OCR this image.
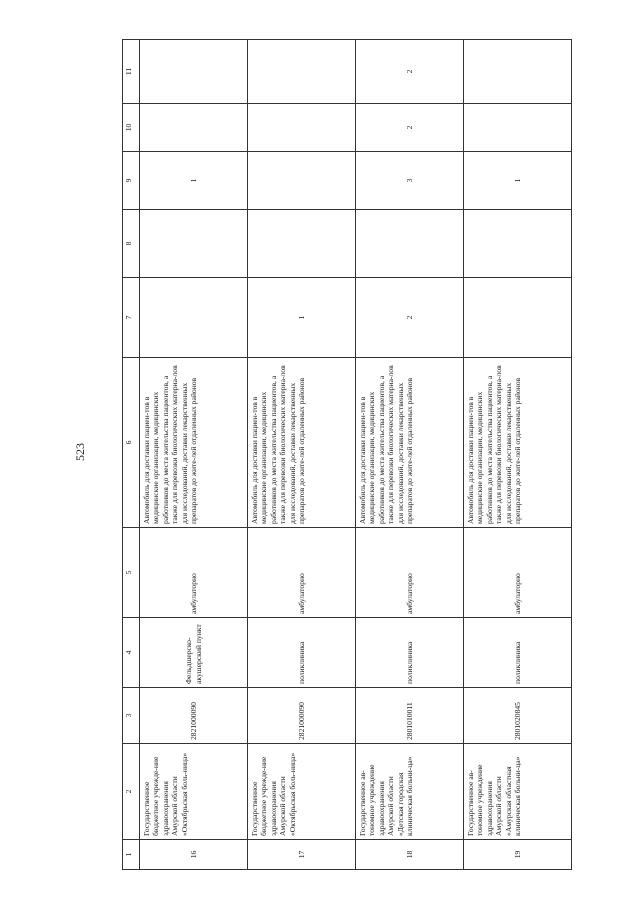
523
1	2	3	4	5	6	7	8	9	10	11
16	Государственное бюджетное учрежде-ние здравоохранения Амурской области «Октябрьская боль-ница»	2821000090	Фельдшерско-акушерский пункт	амбулаторно	Автомобиль для доставки пациен-тов в медицинские организации, медицинских работников до места жительства пациентов, а также для перевозки биологических материа-лов для исследований, доставки лекарственных препаратов до жите-лей отдаленных районов			1		
17	Государственное бюджетное учрежде-ние здравоохранения Амурской области «Октябрьская боль-ница»	2821000090	поликлиника	амбулаторно	Автомобиль для доставки пациен-тов в медицинские организации, медицинских работников до места жительства пациентов, а также для перевозки биологических материа-лов для исследований, доставки лекарственных препаратов до жите-лей отдаленных районов	1				
18	Государственное ав-тономное учреждение здравоохранения Амурской области «Детская городская клиническая больни-ца»	2801010011	поликлиника	амбулаторно	Автомобиль для доставки пациен-тов в медицинские организации, медицинских работников до места жительства пациентов, а также для перевозки биологических материа-лов для исследований, доставки лекарственных препаратов до жите-лей отдаленных районов	2		3	2	2
19	Государственное ав-тономное учреждение здравоохранения Амурской области «Амурская областная клиническая больни-ца»	2801020845	поликлиника	амбулаторно	Автомобиль для доставки пациен-тов в медицинские организации, медицинских работников до места жительства пациентов, а также для перевозки биологических материа-лов для исследований, доставки лекарственных препаратов до жите-лей отдаленных районов			1		
